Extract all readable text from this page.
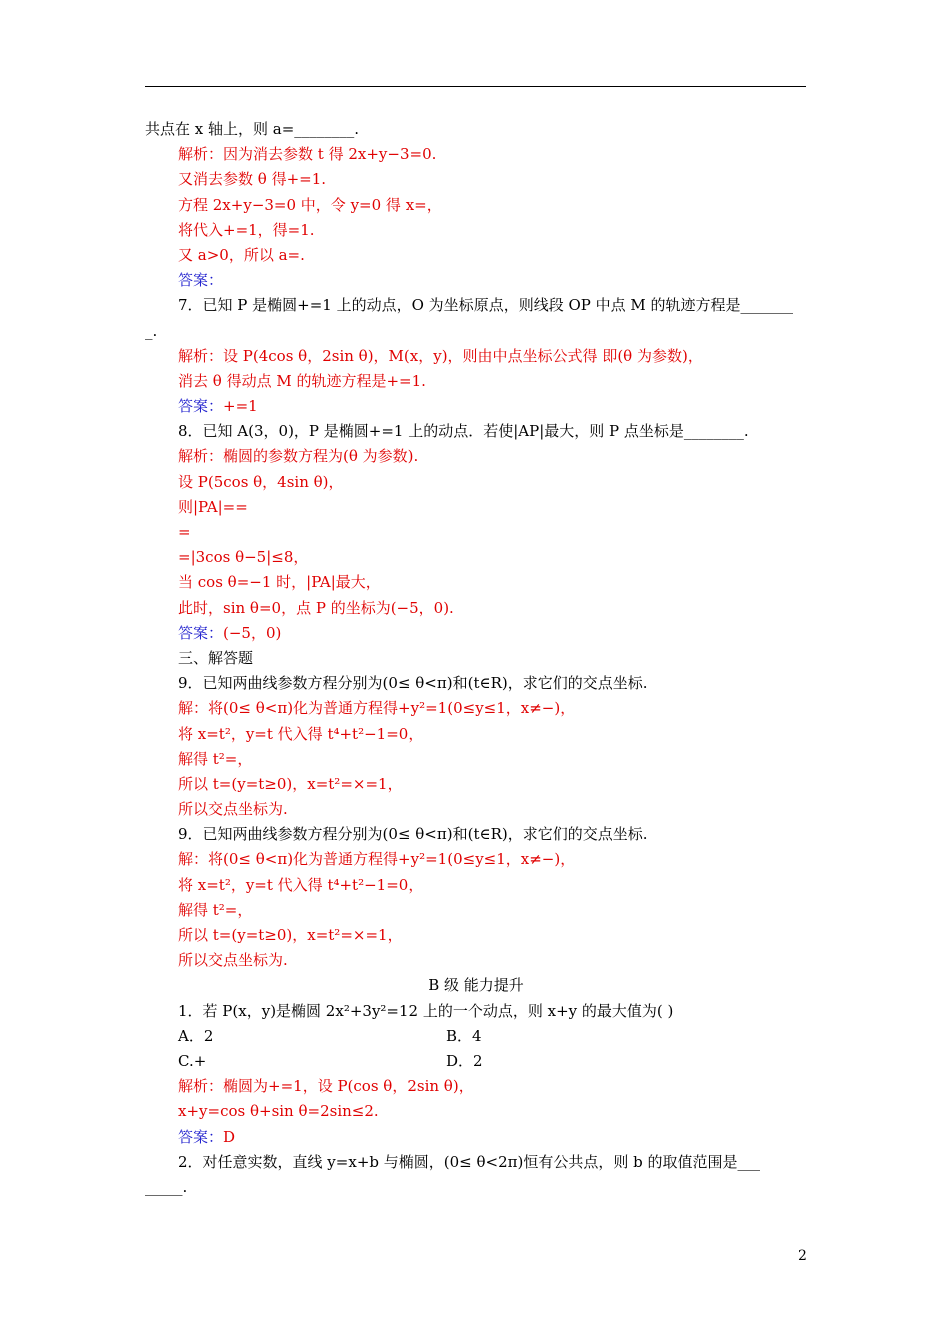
共点在 x 轴上，则 a=________.
解析：因为消去参数 t 得 2x+y−3=0.
又消去参数 θ 得+=1.
方程 2x+y−3=0 中，令 y=0 得 x=，
将代入+=1，得=1.
又 a>0，所以 a=.
答案：
7．已知 P 是椭圆+=1 上的动点，O 为坐标原点，则线段 OP 中点 M 的轨迹方程是_______
_.
解析：设 P(4cos θ，2sin θ)，M(x，y)，则由中点坐标公式得 即(θ 为参数)，
消去 θ 得动点 M 的轨迹方程是+=1.
答案：+=1
8．已知 A(3，0)，P 是椭圆+=1 上的动点．若使|AP|最大，则 P 点坐标是________.
解析：椭圆的参数方程为(θ 为参数).
设 P(5cos θ，4sin θ)，
则|PA|==
=
=|3cos θ−5|≤8，
当 cos θ=−1 时，|PA|最大，
此时，sin θ=0，点 P 的坐标为(−5，0).
答案：(−5，0)
三、解答题
9．已知两曲线参数方程分别为(0≤ θ<π)和(t∈R)，求它们的交点坐标.
解：将(0≤ θ<π)化为普通方程得+y²=1(0≤y≤1，x≠−)，
将 x=t²，y=t 代入得 t⁴+t²−1=0，
解得 t²=，
所以 t=(y=t≥0)，x=t²=×=1，
所以交点坐标为.
9．已知两曲线参数方程分别为(0≤ θ<π)和(t∈R)，求它们的交点坐标.
解：将(0≤ θ<π)化为普通方程得+y²=1(0≤y≤1，x≠−)，
将 x=t²，y=t 代入得 t⁴+t²−1=0，
解得 t²=，
所以 t=(y=t≥0)，x=t²=×=1，
所以交点坐标为.
B 级 能力提升
1．若 P(x，y)是椭圆 2x²+3y²=12 上的一个动点，则 x+y 的最大值为( )
A．2	B．4
C.+	D．2
解析：椭圆为+=1，设 P(cos θ，2sin θ)，
x+y=cos θ+sin θ=2sin≤2.
答案：D
2．对任意实数，直线 y=x+b 与椭圆，(0≤ θ<2π)恒有公共点，则 b 的取值范围是___
_____.
2
